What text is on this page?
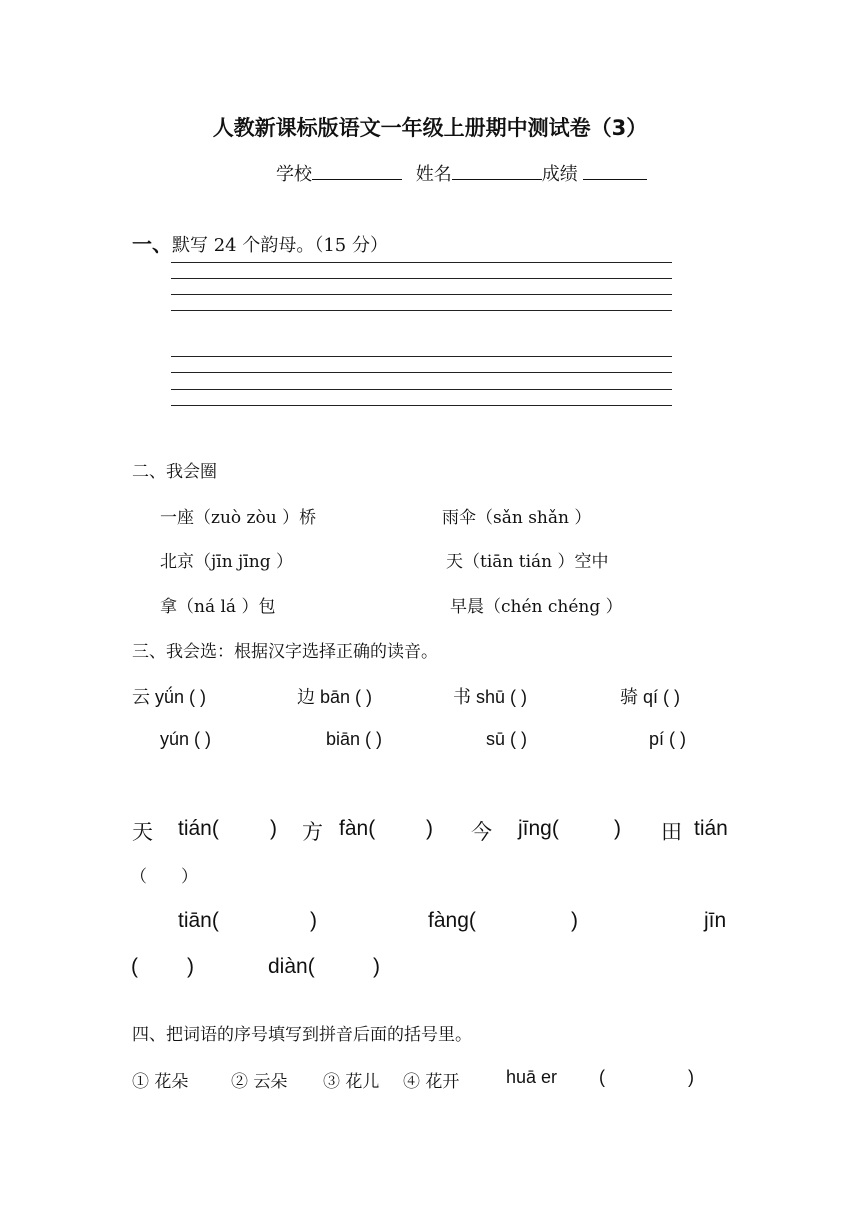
人教新课标版语文一年级上册期中测试卷（3）
学校	姓名	成绩
一、默写 24 个韵母。（15 分）
二、我会圈
一座（zuò zòu ）桥	雨伞（sǎn shǎn ）
北京（jīn jīng ）	天（tiān tián ）空中
拿（ná lá ）包	早晨（chén chéng ）
三、我会选：根据汉字选择正确的读音。
云 yǘn ( )	边 bān ( )	书 shū ( )	骑 qí ( )
yún ( )	biān ( )	sū ( )	pí ( )
天 tián( ) 方 fàn( ) 今 jīnɡ(	) 田 tián
（　　）
tiān(	)	fànɡ(	)	jīn
( )	diàn(	)
四、把词语的序号填写到拼音后面的括号里。
① 花朵	② 云朵 ③ 花儿 ④ 花开	huā er (	)
